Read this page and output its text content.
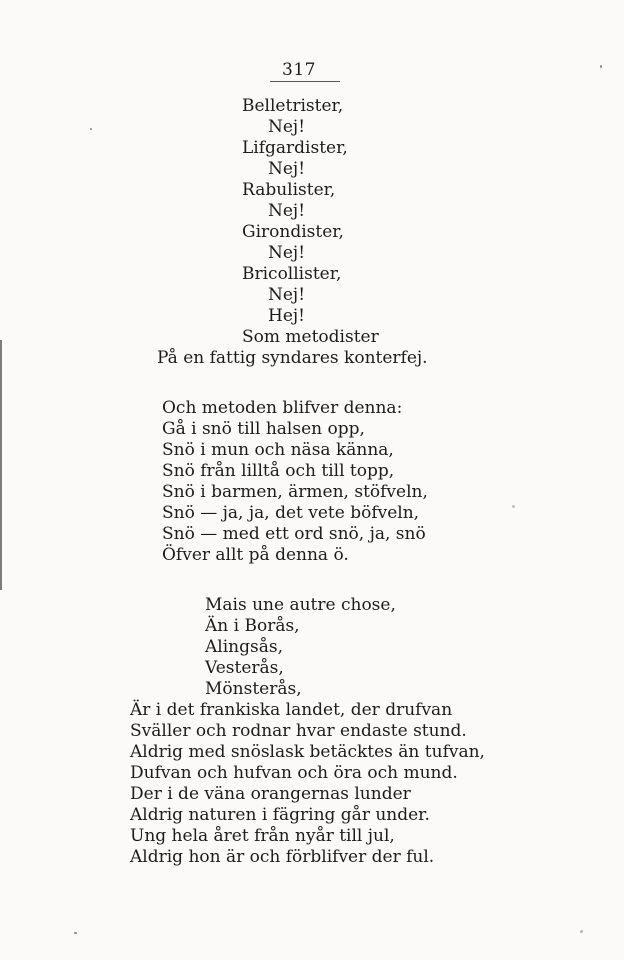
317
Belletrister,
Nej!
Lifgardister,
Nej!
Rabulister,
Nej!
Girondister,
Nej!
Bricollister,
Nej!
Hej!
Som metodister
På en fattig syndares konterfej.
Och metoden blifver denna:
Gå i snö till halsen opp,
Snö i mun och näsa känna,
Snö från lilltå och till topp,
Snö i barmen, ärmen, stöfveln,
Snö — ja, ja, det vete böfveln,
Snö — med ett ord snö, ja, snö
Öfver allt på denna ö.
Mais une autre chose,
Än i Borås,
Alingsås,
Vesterås,
Mönsterås,
Är i det frankiska landet, der drufvan
Sväller och rodnar hvar endaste stund.
Aldrig med snöslask betäcktes än tufvan,
Dufvan och hufvan och öra och mund.
Der i de väna orangernas lunder
Aldrig naturen i fägring går under.
Ung hela året från nyår till jul,
Aldrig hon är och förblifver der ful.
